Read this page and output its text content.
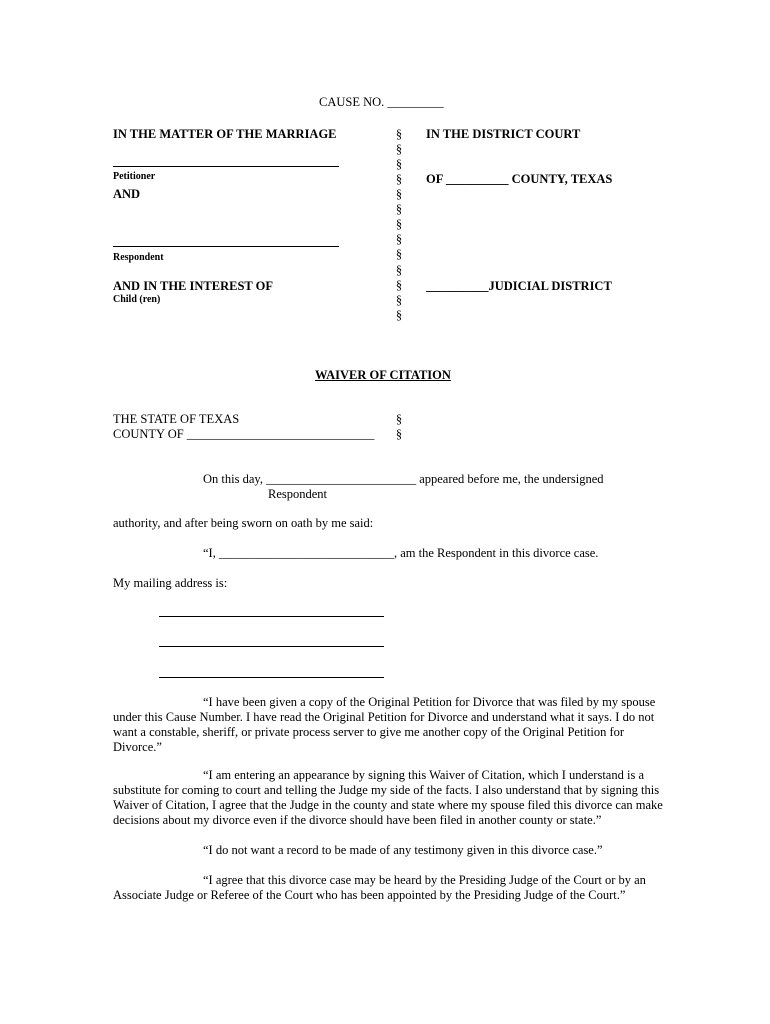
CAUSE NO. _________
IN THE MATTER OF THE MARRIAGE
Petitioner
AND
Respondent
AND IN THE INTEREST OF
Child (ren)
§
§
§
§
§
§
§
§
§
§
§
§
§
IN THE DISTRICT COURT
OF __________ COUNTY, TEXAS
__________JUDICIAL DISTRICT
WAIVER OF CITATION
THE STATE OF TEXAS
COUNTY OF ______________________________
§
§
On this day, ________________________ appeared before me, the undersigned
Respondent
authority, and after being sworn on oath by me said:
“I, ____________________________, am the Respondent in this divorce case.
My mailing address is:
“I have been given a copy of the Original Petition for Divorce that was filed by my spouse under this Cause Number. I have read the Original Petition for Divorce and understand what it says. I do not want a constable, sheriff, or private process server to give me another copy of the Original Petition for Divorce.”
“I am entering an appearance by signing this Waiver of Citation, which I understand is a substitute for coming to court and telling the Judge my side of the facts. I also understand that by signing this Waiver of Citation, I agree that the Judge in the county and state where my spouse filed this divorce can make decisions about my divorce even if the divorce should have been filed in another county or state.”
“I do not want a record to be made of any testimony given in this divorce case.”
“I agree that this divorce case may be heard by the Presiding Judge of the Court or by an Associate Judge or Referee of the Court who has been appointed by the Presiding Judge of the Court.”
